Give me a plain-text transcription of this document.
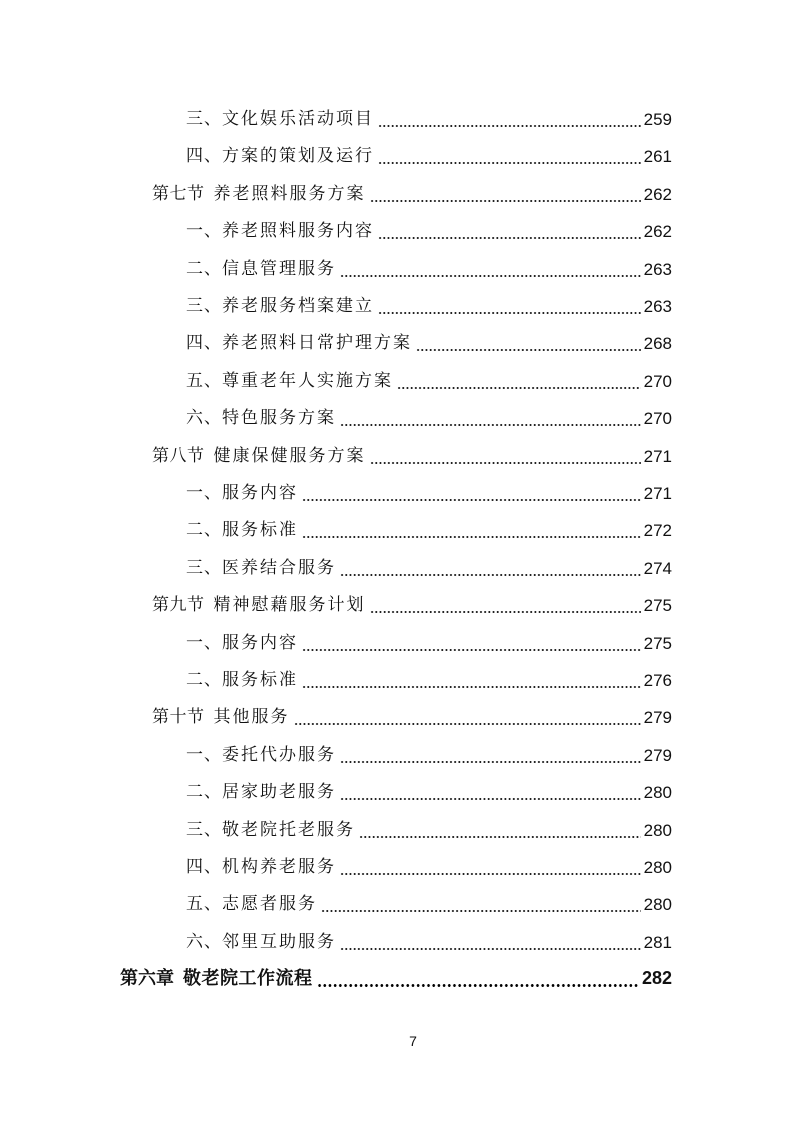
三、 文化娱乐活动项目	259
四、 方案的策划及运行	261
第七节 养老照料服务方案	262
一、 养老照料服务内容	262
二、 信息管理服务	263
三、 养老服务档案建立	263
四、 养老照料日常护理方案	268
五、 尊重老年人实施方案	270
六、 特色服务方案	270
第八节 健康保健服务方案	271
一、 服务内容	271
二、 服务标准	272
三、 医养结合服务	274
第九节 精神慰藉服务计划	275
一、 服务内容	275
二、 服务标准	276
第十节 其他服务	279
一、 委托代办服务	279
二、 居家助老服务	280
三、 敬老院托老服务	280
四、 机构养老服务	280
五、 志愿者服务	280
六、 邻里互助服务	281
第六章 敬老院工作流程	282
7
